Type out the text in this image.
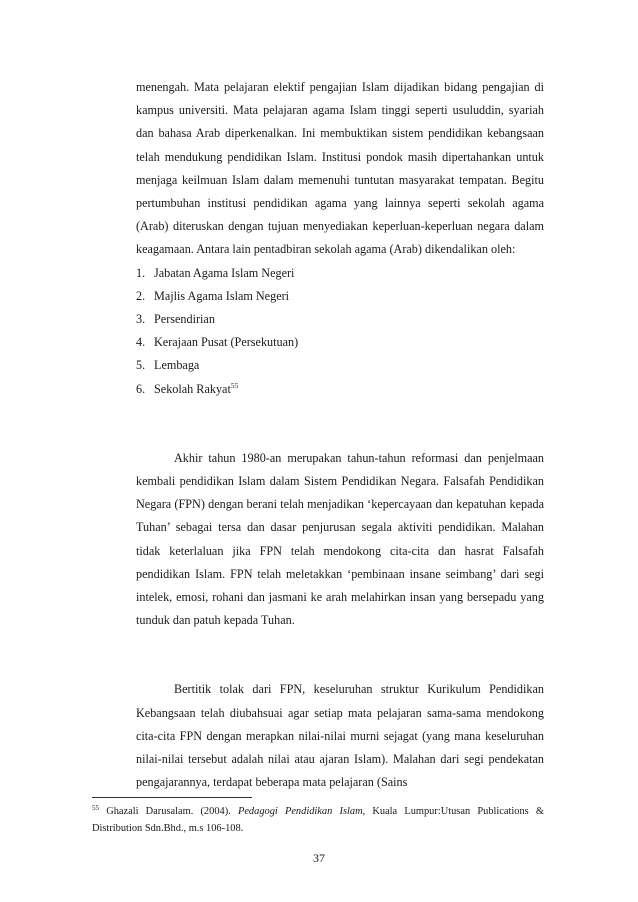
menengah. Mata pelajaran elektif pengajian Islam dijadikan bidang pengajian di kampus universiti. Mata pelajaran agama Islam tinggi seperti usuluddin, syariah dan bahasa Arab diperkenalkan. Ini membuktikan sistem pendidikan kebangsaan telah mendukung pendidikan Islam. Institusi pondok masih dipertahankan untuk menjaga keilmuan Islam dalam memenuhi tuntutan masyarakat tempatan. Begitu pertumbuhan institusi pendidikan agama yang lainnya seperti sekolah agama (Arab) diteruskan dengan tujuan menyediakan keperluan-keperluan negara dalam keagamaan. Antara lain pentadbiran sekolah agama (Arab) dikendalikan oleh:

1. Jabatan Agama Islam Negeri
2. Majlis Agama Islam Negeri
3. Persendirian
4. Kerajaan Pusat (Persekutuan)
5. Lembaga
6. Sekolah Rakyat$^{55}$

Akhir tahun 1980-an merupakan tahun-tahun reformasi dan penjelmaan kembali pendidikan Islam dalam Sistem Pendidikan Negara. Falsafah Pendidikan Negara (FPN) dengan berani telah menjadikan ‘kepercayaan dan kepatuhan kepada Tuhan’ sebagai tersa dan dasar penjurusan segala aktiviti pendidikan. Malahan tidak keterlaluan jika FPN telah mendokong cita-cita dan hasrat Falsafah pendidikan Islam. FPN telah meletakkan ‘pembinaan insane seimbang’ dari segi intelek, emosi, rohani dan jasmani ke arah melahirkan insan yang bersepadu yang tunduk dan patuh kepada Tuhan.

Bertitik tolak dari FPN, keseluruhan struktur Kurikulum Pendidikan Kebangsaan telah diubahsuai agar setiap mata pelajaran sama-sama mendokong cita-cita FPN dengan merapkan nilai-nilai murni sejagat (yang mana keseluruhan nilai-nilai tersebut adalah nilai atau ajaran Islam). Malahan dari segi pendekatan pengajarannya, terdapat beberapa mata pelajaran (Sains

$^{55}$ Ghazali Darusalam. (2004). Pedagogi Pendidikan Islam, Kuala Lumpur:Utusan Publications & Distribution Sdn.Bhd., m.s 106-108.

37
